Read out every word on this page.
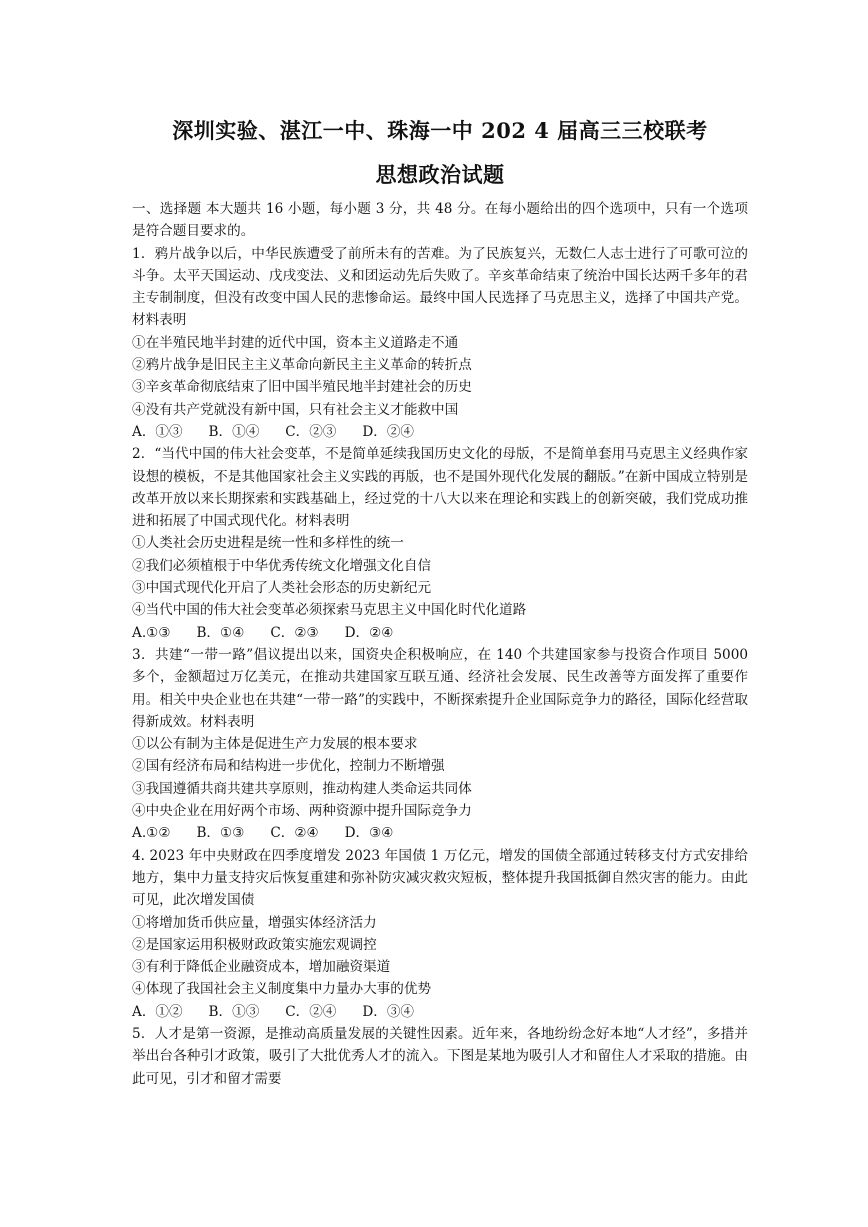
深圳实验、湛江一中、珠海一中 202 4 届高三三校联考
思想政治试题

一、选择题 本大题共 16 小题，每小题 3 分，共 48 分。在每小题给出的四个选项中，只有一个选项是符合题目要求的。

1．鸦片战争以后，中华民族遭受了前所未有的苦难。为了民族复兴，无数仁人志士进行了可歌可泣的斗争。太平天国运动、戊戌变法、义和团运动先后失败了。辛亥革命结束了统治中国长达两千多年的君主专制制度，但没有改变中国人民的悲惨命运。最终中国人民选择了马克思主义，选择了中国共产党。材料表明

①在半殖民地半封建的近代中国，资本主义道路走不通

②鸦片战争是旧民主主义革命向新民主主义革命的转折点

③辛亥革命彻底结束了旧中国半殖民地半封建社会的历史

④没有共产党就没有新中国，只有社会主义才能救中国

A．①③      B．①④      C．②③      D．②④

2．“当代中国的伟大社会变革，不是简单延续我国历史文化的母版，不是简单套用马克思主义经典作家设想的模板，不是其他国家社会主义实践的再版，也不是国外现代化发展的翻版。”在新中国成立特别是改革开放以来长期探索和实践基础上，经过党的十八大以来在理论和实践上的创新突破，我们党成功推进和拓展了中国式现代化。材料表明

①人类社会历史进程是统一性和多样性的统一

②我们必须植根于中华优秀传统文化增强文化自信

③中国式现代化开启了人类社会形态的历史新纪元

④当代中国的伟大社会变革必须探索马克思主义中国化时代化道路

A.①③      B．①④      C．②③      D．②④

3．共建“一带一路”倡议提出以来，国资央企积极响应，在 140 个共建国家参与投资合作项目 5000 多个，金额超过万亿美元，在推动共建国家互联互通、经济社会发展、民生改善等方面发挥了重要作用。相关中央企业也在共建“一带一路”的实践中，不断探索提升企业国际竞争力的路径，国际化经营取得新成效。材料表明

①以公有制为主体是促进生产力发展的根本要求

②国有经济布局和结构进一步优化，控制力不断增强

③我国遵循共商共建共享原则，推动构建人类命运共同体

④中央企业在用好两个市场、两种资源中提升国际竞争力

A.①②      B．①③      C．②④      D．③④

4. 2023 年中央财政在四季度增发 2023 年国债 1 万亿元，增发的国债全部通过转移支付方式安排给地方，集中力量支持灾后恢复重建和弥补防灾减灾救灾短板，整体提升我国抵御自然灾害的能力。由此可见，此次增发国债

①将增加货币供应量，增强实体经济活力

②是国家运用积极财政政策实施宏观调控

③有利于降低企业融资成本，增加融资渠道

④体现了我国社会主义制度集中力量办大事的优势

A．①②      B．①③      C．②④      D．③④

5．人才是第一资源，是推动高质量发展的关键性因素。近年来，各地纷纷念好本地“人才经”，多措并举出台各种引才政策，吸引了大批优秀人才的流入。下图是某地为吸引人才和留住人才采取的措施。由此可见，引才和留才需要
